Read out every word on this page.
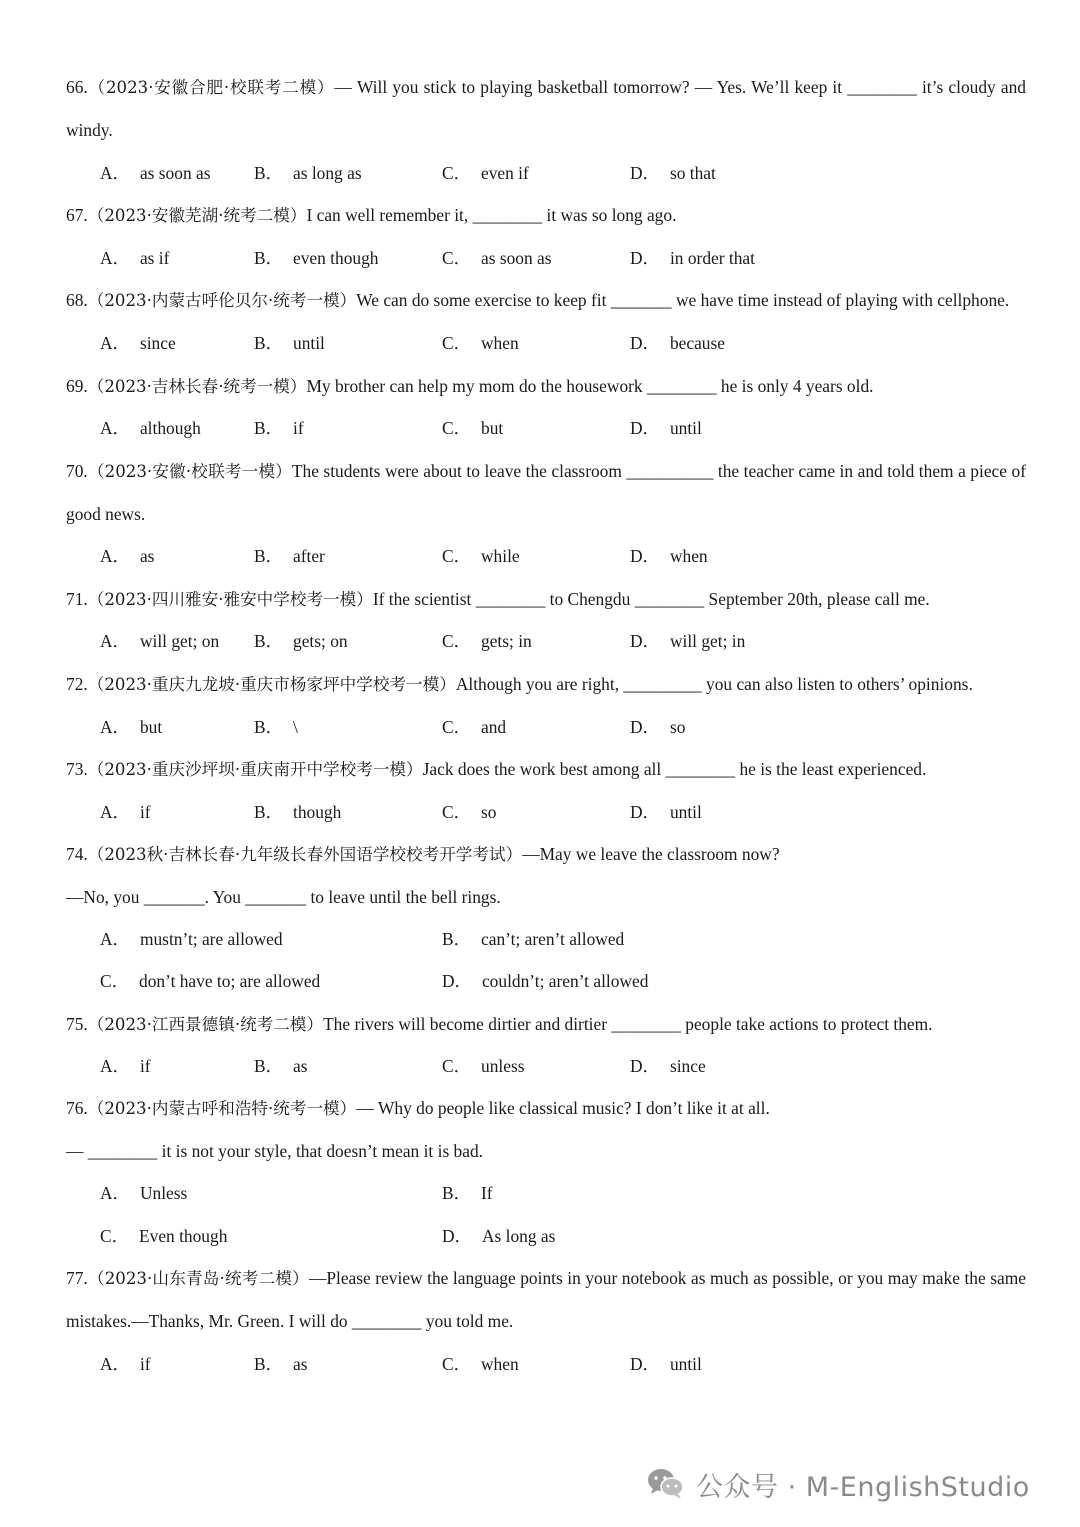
66.（2023·安徽合肥·校联考二模）— Will you stick to playing basketball tomorrow? — Yes. We’ll keep it ________ it’s cloudy and windy.
A． as soon as	B． as long as	C． even if	D． so that
67.（2023·安徽芜湖·统考二模）I can well remember it, ________ it was so long ago.
A． as if	B． even though	C． as soon as	D． in order that
68.（2023·内蒙古呼伦贝尔·统考一模）We can do some exercise to keep fit _______ we have time instead of playing with cellphone.
A． since	B． until	C． when	D． because
69.（2023·吉林长春·统考一模）My brother can help my mom do the housework ________ he is only 4 years old.
A． although	B． if	C． but	D． until
70.（2023·安徽·校联考一模）The students were about to leave the classroom __________ the teacher came in and told them a piece of good news.
A． as	B． after	C． while	D． when
71.（2023·四川雅安·雅安中学校考一模）If the scientist ________ to Chengdu ________ September 20th, please call me.
A． will get; on B． gets; on	C． gets; in	D． will get; in
72.（2023·重庆九龙坡·重庆市杨家坪中学校考一模）Although you are right, _________ you can also listen to others’ opinions.
A． but	B． \	C． and	D． so
73.（2023·重庆沙坪坝·重庆南开中学校考一模）Jack does the work best among all ________ he is the least experienced.
A． if	B． though	C． so	D． until
74.（2023秋·吉林长春·九年级长春外国语学校校考开学考试）—May we leave the classroom now?
—No, you _______. You _______ to leave until the bell rings.
A． mustn’t; are allowed	B． can’t; aren’t allowed
C． don’t have to; are allowed	D． couldn’t; aren’t allowed
75.（2023·江西景德镇·统考二模）The rivers will become dirtier and dirtier ________ people take actions to protect them.
A． if	B． as	C． unless	D． since
76.（2023·内蒙古呼和浩特·统考一模）— Why do people like classical music? I don’t like it at all.
— ________ it is not your style, that doesn’t mean it is bad.
A． Unless	B． If
C． Even though	D． As long as
77.（2023·山东青岛·统考二模）—Please review the language points in your notebook as much as possible, or you may make the same mistakes.—Thanks, Mr. Green. I will do ________ you told me.
A． if	B． as	C． when	D． until
公众号 · M-EnglishStudio
